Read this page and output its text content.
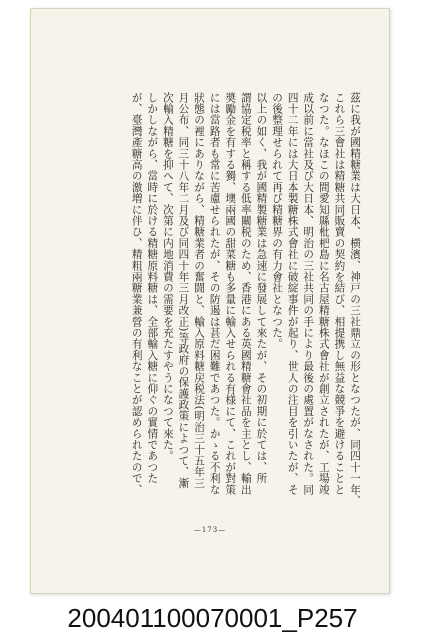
茲に我が國精糖業は大日本、横濱、神戸の三社鼎立の形となつたが、同四十一年、

これら三會社は精糖共同販賣の契約を結び、相提携し無益な競爭を避けることと

なつた。なほこの間愛知縣枇杷島に名古屋精糖株式會社が創立されたが、工場竣

成以前に當社及び大日本、明治の三社共同の手により最後の處置がなされた。同

四十二年には大日本製糖株式會社に破綻事件が起り、世人の注目を引いたが、そ

の後整理せられて再び精糖界の有力會社となつた。

以上の如く、我が國精製糖業は急速に發展して來たが、その初期に於ては、所

謂協定税率と稱する低率關税のため、香港にある英國精糖會社品を主とし、輸出

奬勵金を有する獨、墺兩國の甜菜糖も多量に輸入せられる有様にて、これが對策

には當路者も常に苦慮せられたが、その防遏は甚だ困難であつた。かゝる不利な

狀態の裡にありながら、精糖業者の奮闘と、輸入原料糖戻税法(明治三十五年三

月公布、同三十八年二月及び同四十年三月改正)等政府の保護政策によつて、漸

次輸入精糖を抑へて、次第に内地消費の需要を充たすやうになつて來た。

しかしながら、當時に於ける精糖原料糖は、全部輸入糖に仰ぐの實情であつた

が、臺灣產糖高の激増に伴ひ、精粗兩糖業兼營の有利なことが認められたので、

—173—
200401100070001_P257
